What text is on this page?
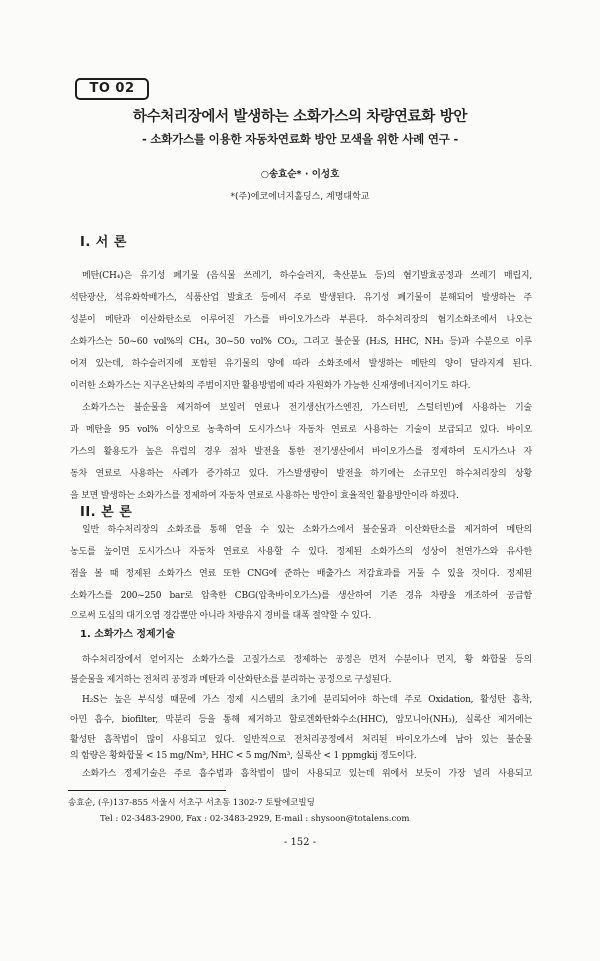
TO 02
하수처리장에서 발생하는 소화가스의 차량연료화 방안
- 소화가스를 이용한 자동차연료화 방안 모색을 위한 사례 연구 -
○송효순* · 이성호
*(주)에코에너지홀딩스, 계명대학교
I. 서 론
메탄(CH₄)은 유기성 폐기물 (음식물 쓰레기, 하수슬러지, 축산분뇨 등)의 혐기발효공정과 쓰레기 매립지,
석탄광산, 석유화학배가스, 식품산업 발효조 등에서 주로 발생된다. 유기성 폐기물이 분해되어 발생하는 주
성분이 메탄과 이산화탄소로 이루어진 가스를 바이오가스라 부른다. 하수처리장의 혐기소화조에서 나오는
소화가스는 50~60 vol%의 CH₄, 30~50 vol% CO₂, 그리고 불순물 (H₂S, HHC, NH₃ 등)과 수분으로 이루
어져 있는데, 하수슬러지에 포함된 유기물의 양에 따라 소화조에서 발생하는 메탄의 양이 달라지게 된다.
이러한 소화가스는 지구온난화의 주범이지만 활용방법에 따라 자원화가 가능한 신재생에너지이기도 하다.
소화가스는 불순물을 제거하여 보일러 연료나 전기생산(가스엔진, 가스터빈, 스털터빈)에 사용하는 기술
과 메탄을 95 vol% 이상으로 농축하여 도시가스나 자동차 연료로 사용하는 기술이 보급되고 있다. 바이오
가스의 활용도가 높은 유럽의 경우 점차 발전을 통한 전기생산에서 바이오가스를 정제하여 도시가스나 자
동차 연료로 사용하는 사례가 증가하고 있다. 가스발생량이 발전을 하기에는 소규모인 하수처리장의 상황
을 보면 발생하는 소화가스를 정제하여 자동차 연료로 사용하는 방안이 효율적인 활용방안이라 하겠다.
II. 본 론
일반 하수처리장의 소화조를 통해 얻을 수 있는 소화가스에서 불순물과 이산화탄소를 제거하여 메탄의
농도를 높이면 도시가스나 자동차 연료로 사용할 수 있다. 정제된 소화가스의 성상이 천연가스와 유사한
점을 볼 때 정제된 소화가스 연료 또한 CNG에 준하는 배출가스 저감효과를 거둘 수 있을 것이다. 정제된
소화가스를 200~250 bar로 압축한 CBG(압축바이오가스)를 생산하여 기존 경유 차량을 개조하여 공급함
으로써 도심의 대기오염 경감뿐만 아니라 차량유지 경비를 대폭 절약할 수 있다.
1. 소화가스 정제기술
하수처리장에서 얻어지는 소화가스를 고질가스로 정제하는 공정은 먼저 수분이나 먼지, 황 화합물 등의
불순물을 제거하는 전처리 공정과 메탄과 이산화탄소를 분리하는 공정으로 구성된다.
H₂S는 높은 부식성 때문에 가스 정제 시스템의 초기에 분리되어야 하는데 주로 Oxidation, 활성탄 흡착,
아민 흡수, biofilter, 막분리 등을 통해 제거하고 할로겐화탄화수소(HHC), 암모니아(NH₃), 실록산 제거에는
활성탄 흡착법이 많이 사용되고 있다. 일반적으로 전처리공정에서 처리된 바이오가스에 남아 있는 불순물
의 함량은 황화합물 < 15 mg/Nm³, HHC < 5 mg/Nm³, 실록산 < 1 ppmgkij 정도이다.
소화가스 정제기술은 주로 흡수법과 흡착법이 많이 사용되고 있는데 위에서 보듯이 가장 널리 사용되고
송효순, (우)137-855 서울시 서초구 서초동 1302-7 토탈에코빌딩
Tel : 02-3483-2900, Fax : 02-3483-2929, E-mail : shysoon@totalens.com
- 152 -
